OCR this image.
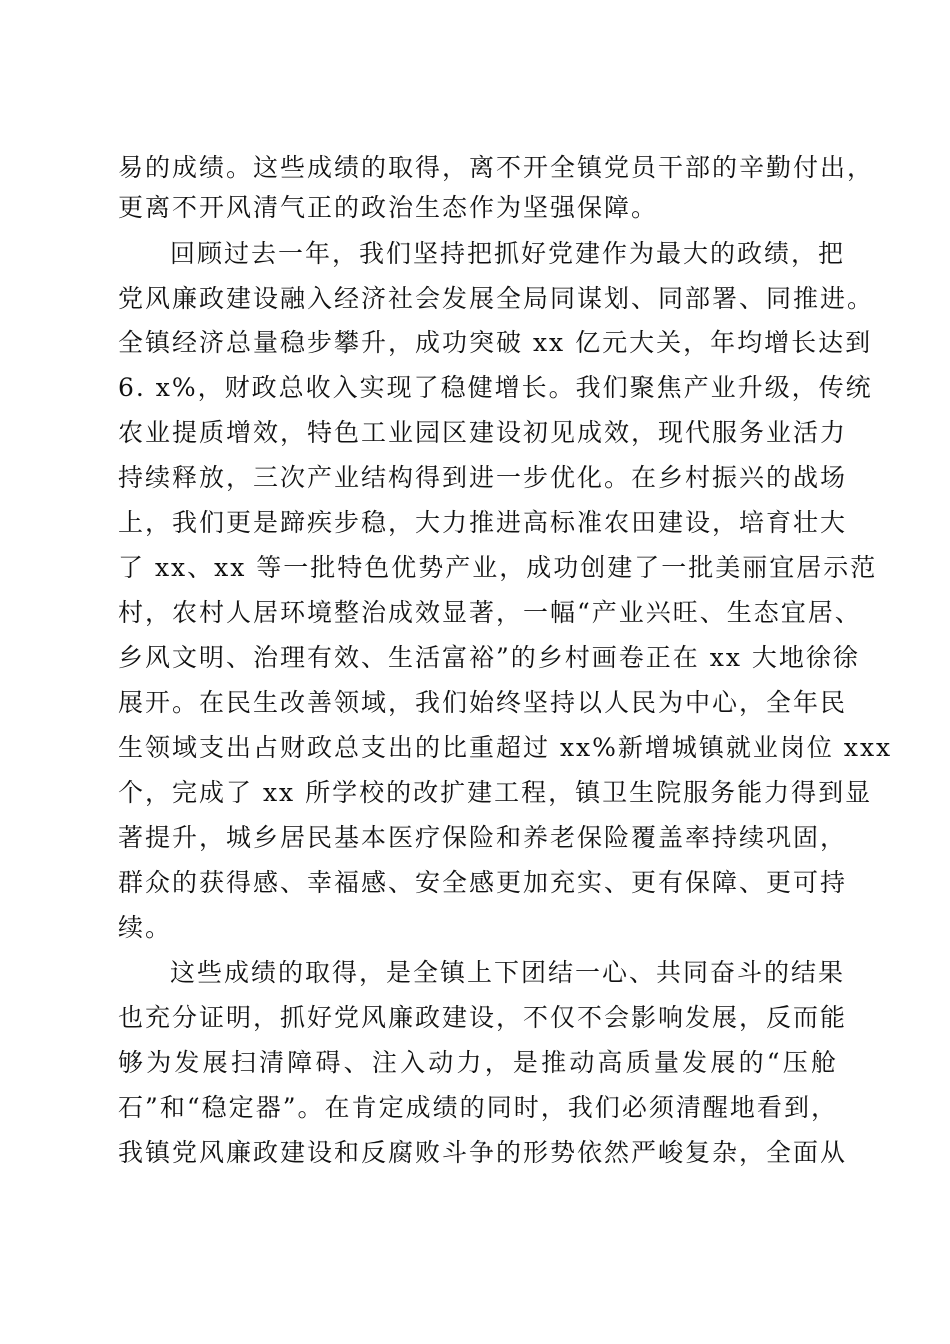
易的成绩。这些成绩的取得，离不开全镇党员干部的辛勤付出，
更离不开风清气正的政治生态作为坚强保障。
回顾过去一年，我们坚持把抓好党建作为最大的政绩，把
党风廉政建设融入经济社会发展全局同谋划、同部署、同推进。
全镇经济总量稳步攀升，成功突破 xx 亿元大关，年均增长达到
6. x%，财政总收入实现了稳健增长。我们聚焦产业升级，传统
农业提质增效，特色工业园区建设初见成效，现代服务业活力
持续释放，三次产业结构得到进一步优化。在乡村振兴的战场
上，我们更是蹄疾步稳，大力推进高标准农田建设，培育壮大
了 xx、xx 等一批特色优势产业，成功创建了一批美丽宜居示范
村，农村人居环境整治成效显著，一幅“产业兴旺、生态宜居、
乡风文明、治理有效、生活富裕”的乡村画卷正在 xx 大地徐徐
展开。在民生改善领域，我们始终坚持以人民为中心，全年民
生领域支出占财政总支出的比重超过 xx%新增城镇就业岗位 xxx
个，完成了 xx 所学校的改扩建工程，镇卫生院服务能力得到显
著提升，城乡居民基本医疗保险和养老保险覆盖率持续巩固，
群众的获得感、幸福感、安全感更加充实、更有保障、更可持
续。
这些成绩的取得，是全镇上下团结一心、共同奋斗的结果
也充分证明，抓好党风廉政建设，不仅不会影响发展，反而能
够为发展扫清障碍、注入动力，是推动高质量发展的“压舱
石”和“稳定器”。在肯定成绩的同时，我们必须清醒地看到，
我镇党风廉政建设和反腐败斗争的形势依然严峻复杂，全面从
